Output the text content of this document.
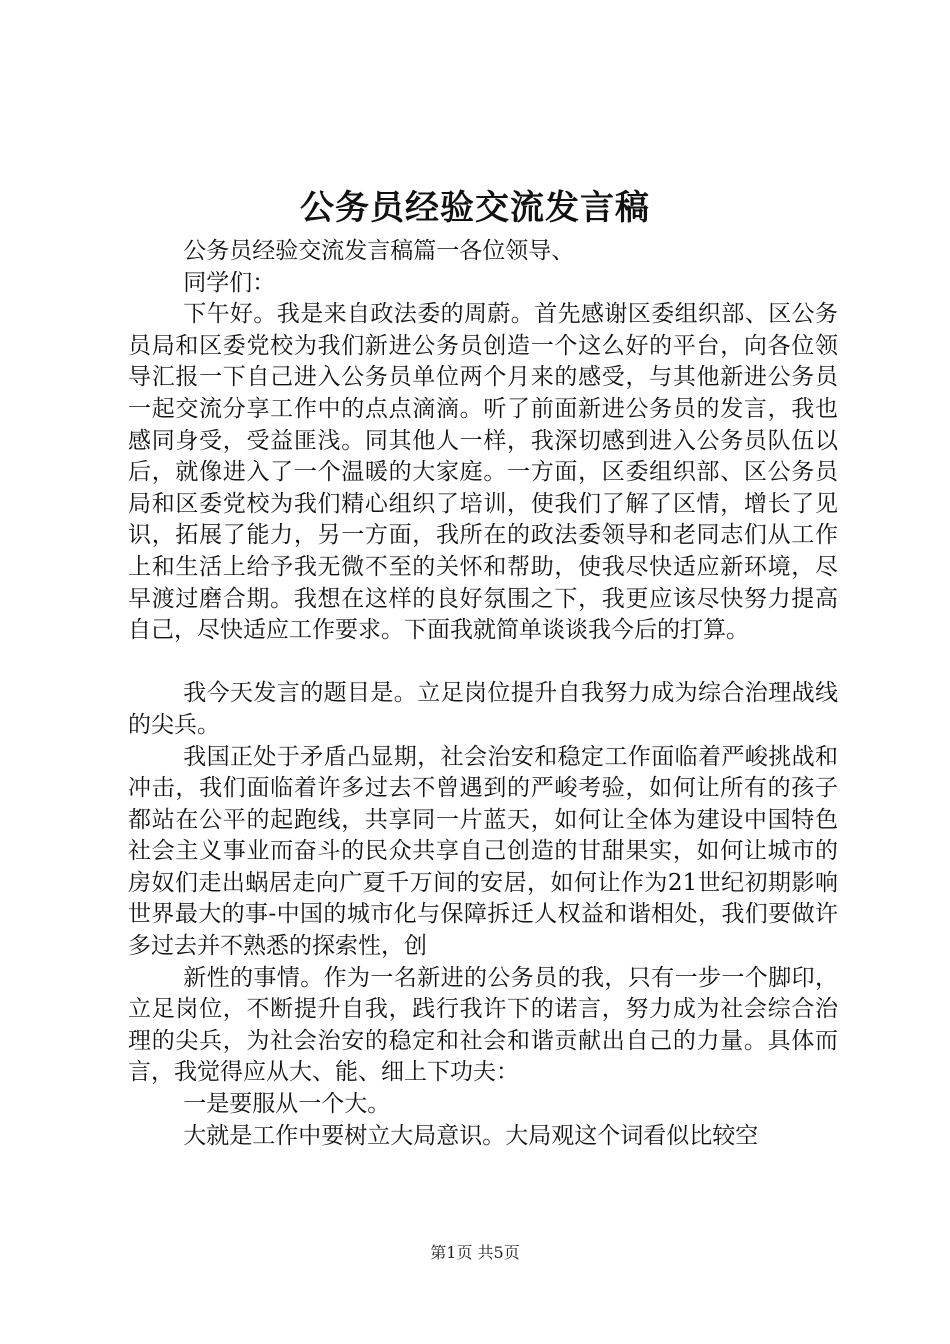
公务员经验交流发言稿

公务员经验交流发言稿篇一各位领导、

同学们：

下午好。我是来自政法委的周蔚。首先感谢区委组织部、区公务员局和区委党校为我们新进公务员创造一个这么好的平台，向各位领导汇报一下自己进入公务员单位两个月来的感受，与其他新进公务员一起交流分享工作中的点点滴滴。听了前面新进公务员的发言，我也感同身受，受益匪浅。同其他人一样，我深切感到进入公务员队伍以后，就像进入了一个温暖的大家庭。一方面，区委组织部、区公务员局和区委党校为我们精心组织了培训，使我们了解了区情，增长了见识，拓展了能力，另一方面，我所在的政法委领导和老同志们从工作上和生活上给予我无微不至的关怀和帮助，使我尽快适应新环境，尽早渡过磨合期。我想在这样的良好氛围之下，我更应该尽快努力提高自己，尽快适应工作要求。下面我就简单谈谈我今后的打算。

我今天发言的题目是。立足岗位提升自我努力成为综合治理战线的尖兵。

我国正处于矛盾凸显期，社会治安和稳定工作面临着严峻挑战和冲击，我们面临着许多过去不曾遇到的严峻考验，如何让所有的孩子都站在公平的起跑线，共享同一片蓝天，如何让全体为建设中国特色社会主义事业而奋斗的民众共享自己创造的甘甜果实，如何让城市的房奴们走出蜗居走向广夏千万间的安居，如何让作为21世纪初期影响世界最大的事-中国的城市化与保障拆迁人权益和谐相处，我们要做许多过去并不熟悉的探索性，创

新性的事情。作为一名新进的公务员的我，只有一步一个脚印，立足岗位，不断提升自我，践行我许下的诺言，努力成为社会综合治理的尖兵，为社会治安的稳定和社会和谐贡献出自己的力量。具体而言，我觉得应从大、能、细上下功夫：

一是要服从一个大。

大就是工作中要树立大局意识。大局观这个词看似比较空

第1页 共5页
